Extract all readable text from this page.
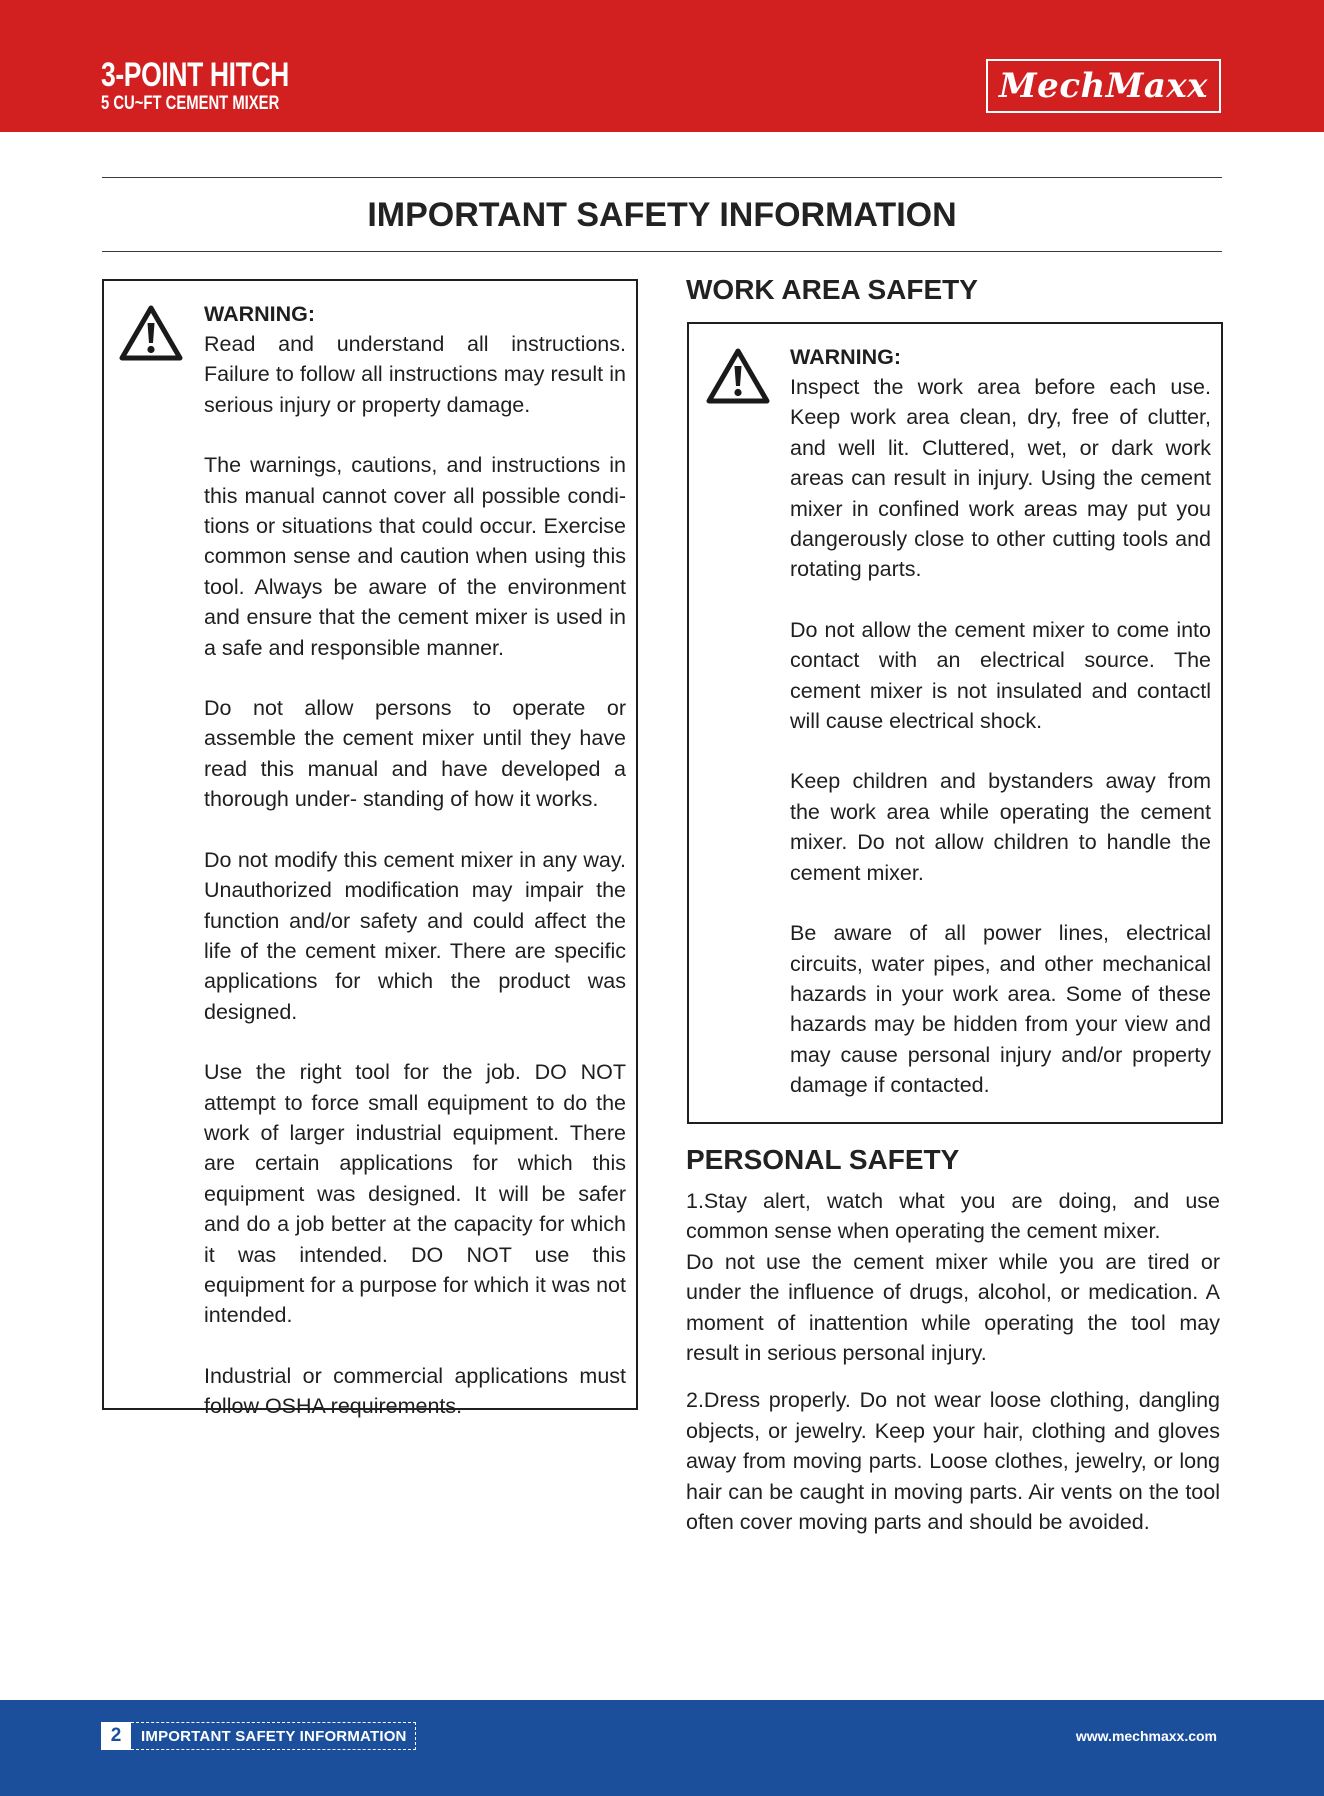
3-POINT HITCH
5 CU~FT CEMENT MIXER	MechMaxx
IMPORTANT SAFETY INFORMATION
WARNING:

Read and understand all instructions. Failure to follow all instructions may result in serious injury or property damage.

The warnings, cautions, and instructions in this manual cannot cover all possible condi- tions or situations that could occur. Exercise common sense and caution when using this tool. Always be aware of the environment and ensure that the cement mixer is used in a safe and responsible manner.

Do not allow persons to operate or assemble the cement mixer until they have read this manual and have developed a thorough under- standing of how it works.

Do not modify this cement mixer in any way. Unauthorized modification may impair the function and/or safety and could affect the life of the cement mixer. There are specific applications for which the product was designed.

Use the right tool for the job. DO NOT attempt to force small equipment to do the work of larger industrial equipment. There are certain applications for which this equipment was designed. It will be safer and do a job better at the capacity for which it was intended. DO NOT use this equipment for a purpose for which it was not intended.

Industrial or commercial applications must follow OSHA requirements.

WORK AREA SAFETY
WARNING:

Inspect the work area before each use. Keep work area clean, dry, free of clutter, and well lit. Cluttered, wet, or dark work areas can result in injury. Using the cement mixer in confined work areas may put you dangerously close to other cutting tools and rotating parts.

Do not allow the cement mixer to come into contact with an electrical source. The cement mixer is not insulated and contactl will cause electrical shock.

Keep children and bystanders away from the work area while operating the cement mixer. Do not allow children to handle the cement mixer.

Be aware of all power lines, electrical circuits, water pipes, and other mechanical hazards in your work area. Some of these hazards may be hidden from your view and may cause personal injury and/or property damage if contacted.

PERSONAL SAFETY

1.Stay alert, watch what you are doing, and use common sense when operating the cement mixer.

Do not use the cement mixer while you are tired or under the influence of drugs, alcohol, or medication. A moment of inattention while operating the tool may result in serious personal injury.

2.Dress properly. Do not wear loose clothing, dangling objects, or jewelry. Keep your hair, clothing and gloves away from moving parts. Loose clothes, jewelry, or long hair can be caught in moving parts. Air vents on the tool often cover moving parts and should be avoided.

2	IMPORTANT SAFETY INFORMATION	www.mechmaxx.com
